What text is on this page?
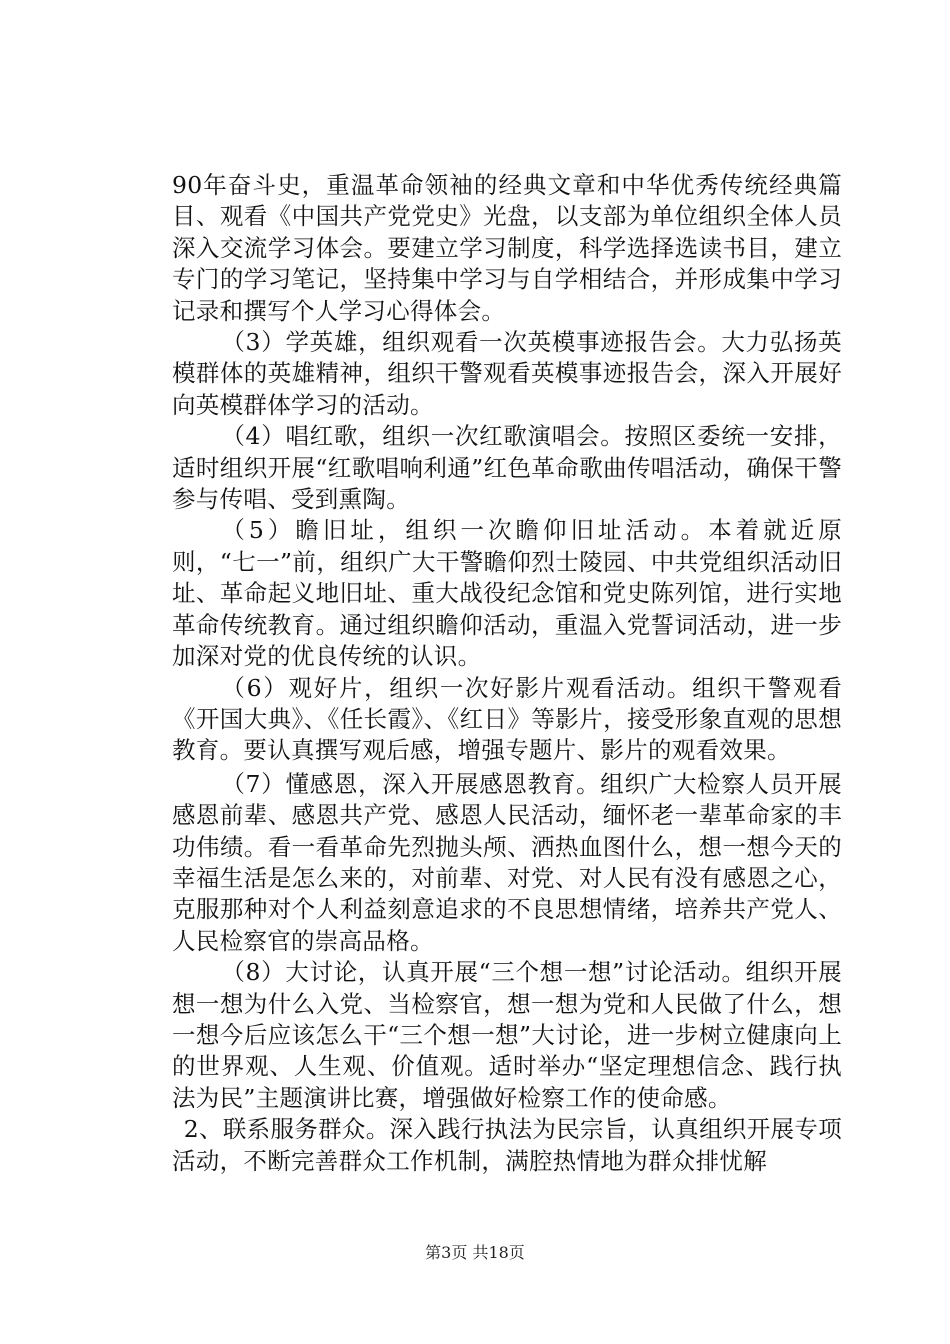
90年奋斗史，重温革命领袖的经典文章和中华优秀传统经典篇目、观看《中国共产党党史》光盘，以支部为单位组织全体人员深入交流学习体会。要建立学习制度，科学选择选读书目，建立专门的学习笔记，坚持集中学习与自学相结合，并形成集中学习记录和撰写个人学习心得体会。

（3）学英雄，组织观看一次英模事迹报告会。大力弘扬英模群体的英雄精神，组织干警观看英模事迹报告会，深入开展好向英模群体学习的活动。

（4）唱红歌，组织一次红歌演唱会。按照区委统一安排，适时组织开展“红歌唱响利通”红色革命歌曲传唱活动，确保干警参与传唱、受到熏陶。

（5）瞻旧址，组织一次瞻仰旧址活动。本着就近原则，“七一”前，组织广大干警瞻仰烈士陵园、中共党组织活动旧址、革命起义地旧址、重大战役纪念馆和党史陈列馆，进行实地革命传统教育。通过组织瞻仰活动，重温入党誓词活动，进一步加深对党的优良传统的认识。

（6）观好片，组织一次好影片观看活动。组织干警观看《开国大典》、《任长霞》、《红日》等影片，接受形象直观的思想教育。要认真撰写观后感，增强专题片、影片的观看效果。

（7）懂感恩，深入开展感恩教育。组织广大检察人员开展感恩前辈、感恩共产党、感恩人民活动，缅怀老一辈革命家的丰功伟绩。看一看革命先烈抛头颅、洒热血图什么，想一想今天的幸福生活是怎么来的，对前辈、对党、对人民有没有感恩之心，克服那种对个人利益刻意追求的不良思想情绪，培养共产党人、人民检察官的崇高品格。

（8）大讨论，认真开展“三个想一想”讨论活动。组织开展想一想为什么入党、当检察官，想一想为党和人民做了什么，想一想今后应该怎么干“三个想一想”大讨论，进一步树立健康向上的世界观、人生观、价值观。适时举办“坚定理想信念、践行执法为民”主题演讲比赛，增强做好检察工作的使命感。

2、联系服务群众。深入践行执法为民宗旨，认真组织开展专项活动，不断完善群众工作机制，满腔热情地为群众排忧解

第3页 共18页
